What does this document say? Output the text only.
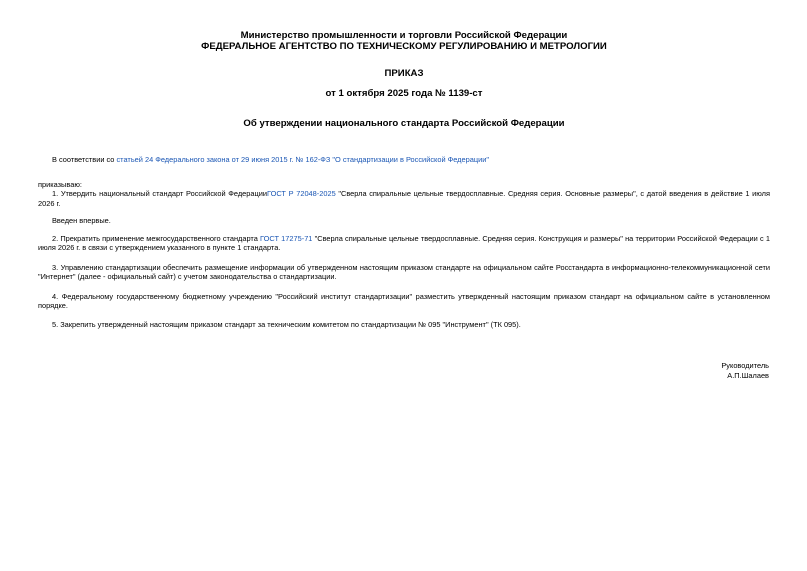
Министерство промышленности и торговли Российской Федерации
ФЕДЕРАЛЬНОЕ АГЕНТСТВО ПО ТЕХНИЧЕСКОМУ РЕГУЛИРОВАНИЮ И МЕТРОЛОГИИ
ПРИКАЗ
от 1 октября 2025 года № 1139-ст
Об утверждении национального стандарта Российской Федерации

В соответствии со статьей 24 Федерального закона от 29 июня 2015 г. № 162-ФЗ "О стандартизации в Российской Федерации"

приказываю:

1. Утвердить национальный стандарт Российской ФедерацииГОСТ Р 72048-2025 "Сверла спиральные цельные твердосплавные. Средняя серия. Основные размеры", с датой введения в действие 1 июля 2026 г.

Введен впервые.

2. Прекратить применение межгосударственного стандарта ГОСТ 17275-71 "Сверла спиральные цельные твердосплавные. Средняя серия. Конструкция и размеры" на территории Российской Федерации с 1 июля 2026 г. в связи с утверждением указанного в пункте 1 стандарта.

3. Управлению стандартизации обеспечить размещение информации об утвержденном настоящим приказом стандарте на официальном сайте Росстандарта в информационно-телекоммуникационной сети "Интернет" (далее - официальный сайт) с учетом законодательства о стандартизации.

4. Федеральному государственному бюджетному учреждению "Российский институт стандартизации" разместить утвержденный настоящим приказом стандарт на официальном сайте в установленном порядке.

5. Закрепить утвержденный настоящим приказом стандарт за техническим комитетом по стандартизации № 095 "Инструмент" (ТК 095).

Руководитель
А.П.Шалаев
